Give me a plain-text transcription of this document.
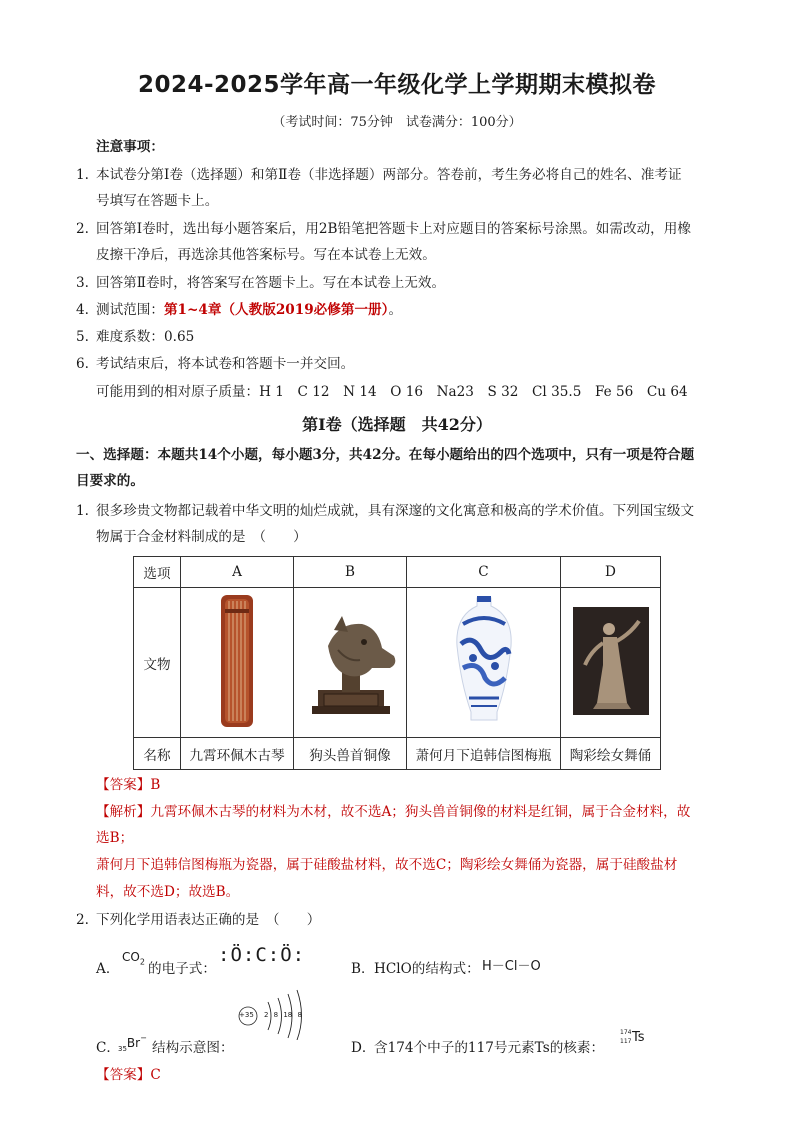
2024-2025学年高一年级化学上学期期末模拟卷
（考试时间：75分钟　试卷满分：100分）
注意事项：
1. 本试卷分第Ⅰ卷（选择题）和第Ⅱ卷（非选择题）两部分。答卷前，考生务必将自己的姓名、准考证
号填写在答题卡上。
2. 回答第Ⅰ卷时，选出每小题答案后，用2B铅笔把答题卡上对应题目的答案标号涂黑。如需改动，用橡
皮擦干净后，再选涂其他答案标号。写在本试卷上无效。
3. 回答第Ⅱ卷时，将答案写在答题卡上。写在本试卷上无效。
4. 测试范围：第1~4章（人教版2019必修第一册）。
5. 难度系数：0.65
6. 考试结束后，将本试卷和答题卡一并交回。
可能用到的相对原子质量：H 1　C 12　N 14　O 16　Na23　S 32　Cl 35.5　Fe 56　Cu 64
第Ⅰ卷（选择题　共42分）
一、选择题：本题共14个小题，每小题3分，共42分。在每小题给出的四个选项中，只有一项是符合题
目要求的。
1. 很多珍贵文物都记载着中华文明的灿烂成就，具有深邃的文化寓意和极高的学术价值。下列国宝级文
物属于合金材料制成的是　（　　）
选项	A	B	C	D
文物				
名称	九霄环佩木古琴	狗头兽首铜像	萧何月下追韩信图梅瓶	陶彩绘女舞俑
【答案】B
【解析】九霄环佩木古琴的材料为木材，故不选A；狗头兽首铜像的材料是红铜，属于合金材料，故
选B；
萧何月下追韩信图梅瓶为瓷器，属于硅酸盐材料，故不选C；陶彩绘女舞俑为瓷器，属于硅酸盐材
料，故不选D；故选B。
2. 下列化学用语表达正确的是　（　　）
A．
$CO_2$ 的电子式：
:Ö:C:Ö:
B． HClO的结构式： H－Cl－O
C．
$_{35}$Br−
结构示意图：
+35 2 8 18 8
D．
含174个中子的117号元素Ts的核素：
174
117 Ts
【答案】C
